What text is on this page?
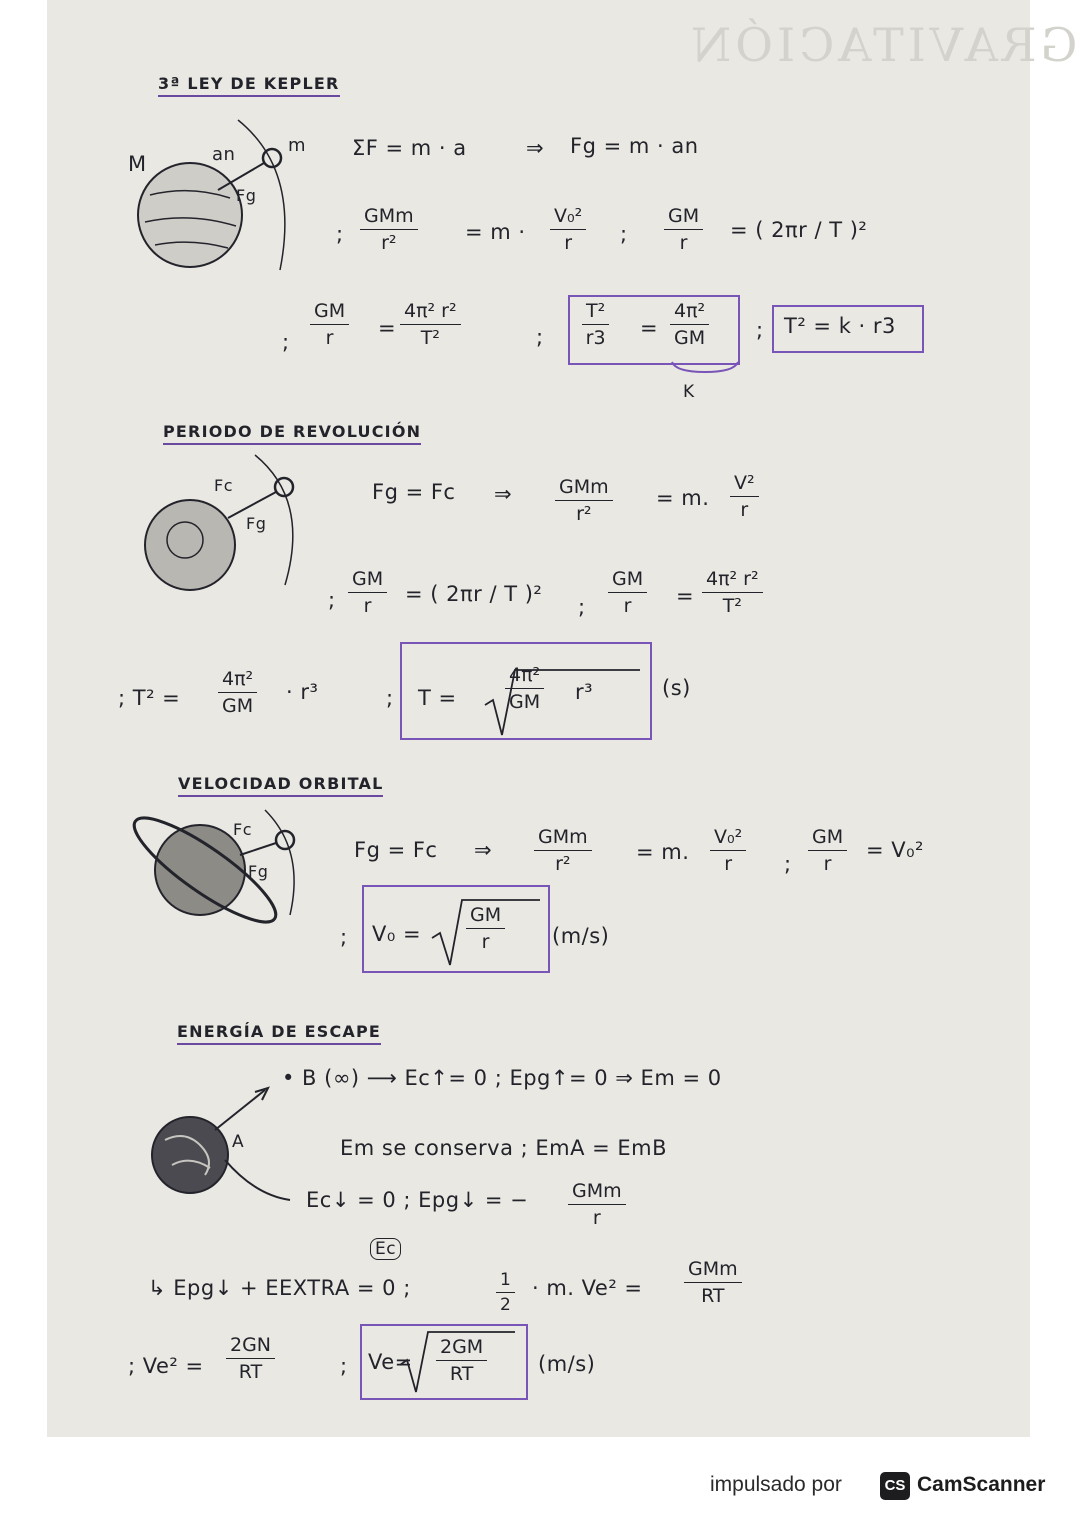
GRAVITACIÓN
3ª LEY DE KEPLER
M
m
an
Fg
ΣF = m · a	⇒ Fg = m · an
;
GMm
r²	= m ·
V₀²
r	;
GM
r
= ( 2πr / T )²
;
GM
r	=
4π² r²
T²	;
T²
r3 =
4π²
GM
K
; T² = k · r3
PERIODO DE REVOLUCIÓN
Fc
Fg
Fg = Fc ⇒ GMm
r²
= m.
V²
r
;
GM
r	= ( 2πr / T )²
;
GM
r	=
4π² r²
T²
; T² =
4π²
GM
· r³	; T =
4π²
GM r³	(s)
VELOCIDAD ORBITAL
Fc
Fg
Fg = Fc ⇒
GMm
r²	= m.
V₀²
r	;
GM
r
= V₀²
; V₀ =
GM
r	(m/s)
ENERGÍA DE ESCAPE
A
• B (∞) ⟶ Ec↑= 0 ; Epg↑= 0 ⇒ Em = 0
Em se conserva ; EmA = EmB
Ec↓ = 0 ; Epg↓ = − GMm
r
Ec
↳ Epg↓ + EEXTRA = 0 ;	1
2
· m. Ve² =
GMm
RT
; Ve² =
2GN
RT	; Ve=
2GM
RT	(m/s)
impulsado por	CS CamScanner
